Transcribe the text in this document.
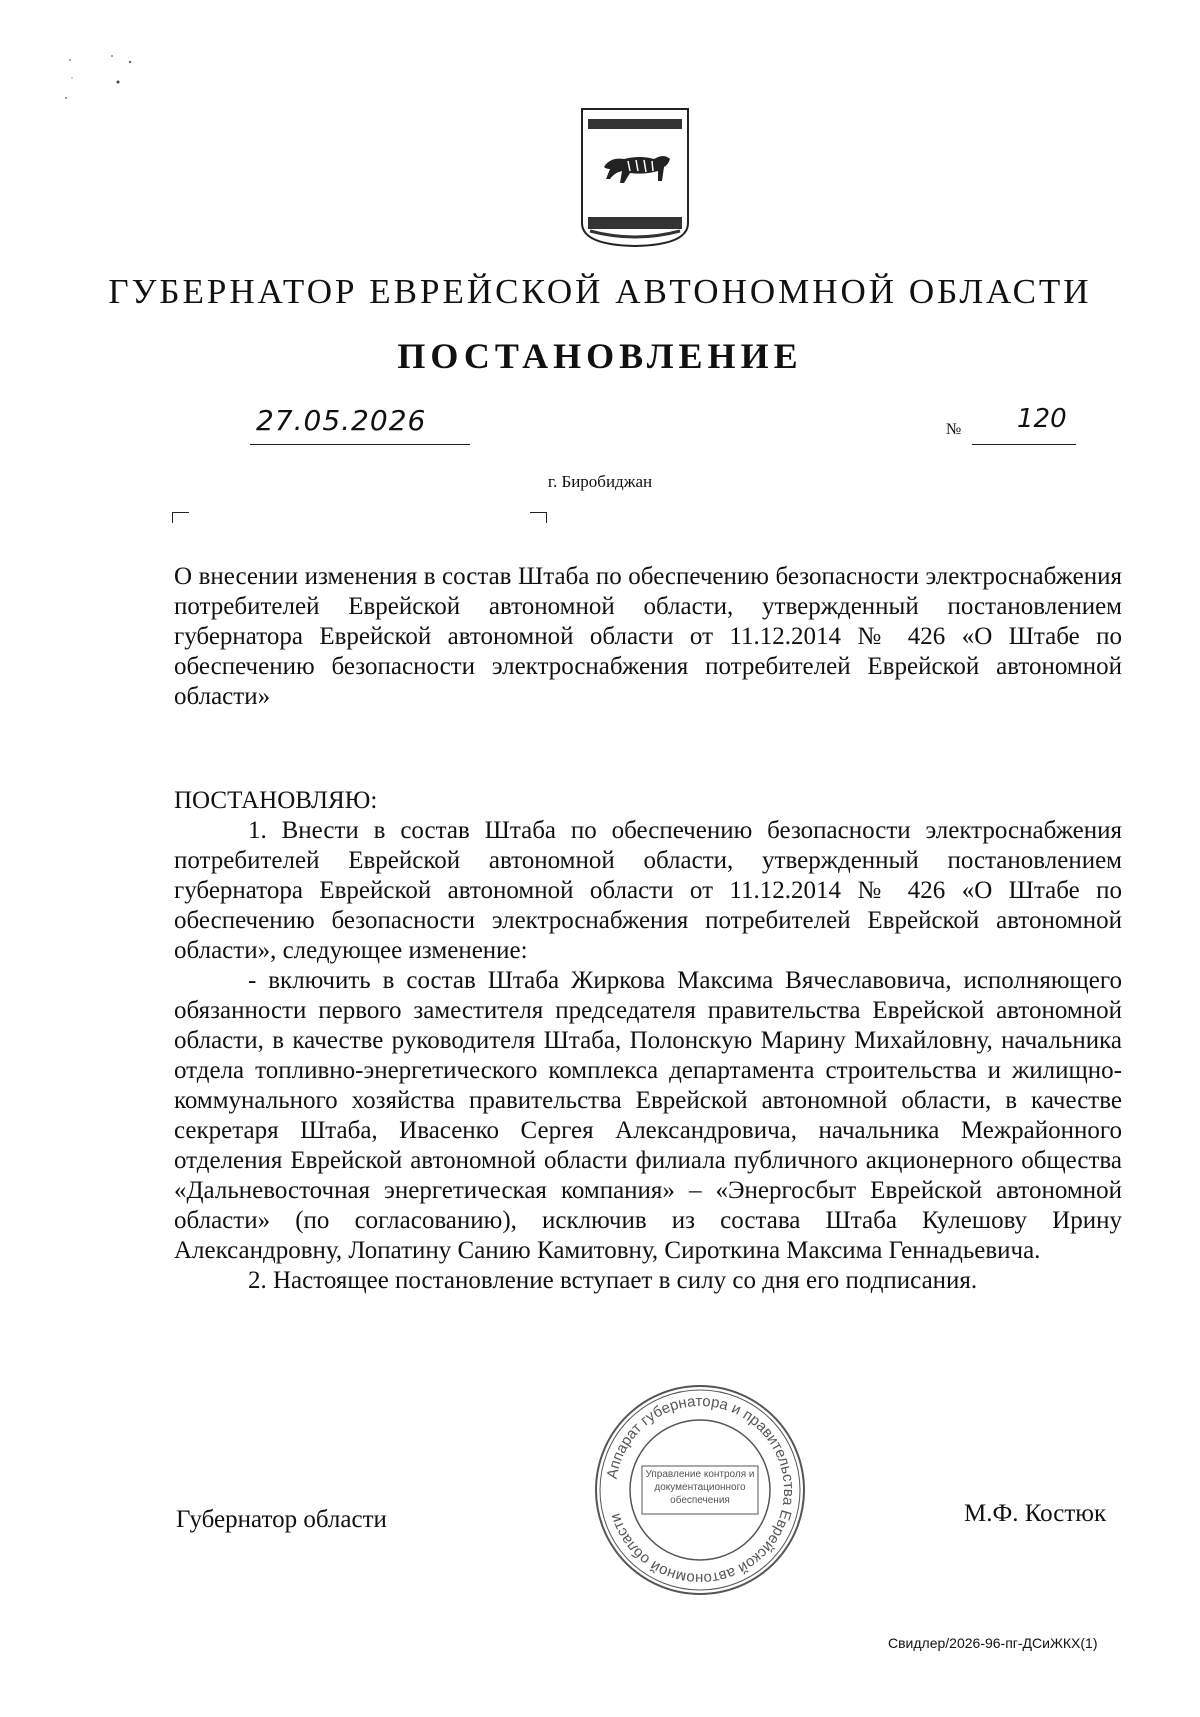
ГУБЕРНАТОР ЕВРЕЙСКОЙ АВТОНОМНОЙ ОБЛАСТИ
ПОСТАНОВЛЕНИЕ
27.05.2026	№ 120
г. Биробиджан
О внесении изменения в состав Штаба по обеспечению безопасности электроснабжения потребителей Еврейской автономной области, утвержденный постановлением губернатора Еврейской автономной области от 11.12.2014 № 426 «О Штабе по обеспечению безопасности электроснабжения потребителей Еврейской автономной области»
ПОСТАНОВЛЯЮ:

1. Внести в состав Штаба по обеспечению безопасности электроснабжения потребителей Еврейской автономной области, утвержденный постановлением губернатора Еврейской автономной области от 11.12.2014 № 426 «О Штабе по обеспечению безопасности электроснабжения потребителей Еврейской автономной области», следующее изменение:

- включить в состав Штаба Жиркова Максима Вячеславовича, исполняющего обязанности первого заместителя председателя правительства Еврейской автономной области, в качестве руководителя Штаба, Полонскую Марину Михайловну, начальника отдела топливно-энергетического комплекса департамента строительства и жилищно-коммунального хозяйства правительства Еврейской автономной области, в качестве секретаря Штаба, Ивасенко Сергея Александровича, начальника Межрайонного отделения Еврейской автономной области филиала публичного акционерного общества «Дальневосточная энергетическая компания» – «Энергосбыт Еврейской автономной области» (по согласованию), исключив из состава Штаба Кулешову Ирину Александровну, Лопатину Санию Камитовну, Сироткина Максима Геннадьевича.

2. Настоящее постановление вступает в силу со дня его подписания.

Аппарат губернатора и правительства Еврейской автономной области
Управление контроля и документационного обеспечения
Губернатор области	М.Ф. Костюк
Свидлер/2026-96-пг-ДСиЖКХ(1)
